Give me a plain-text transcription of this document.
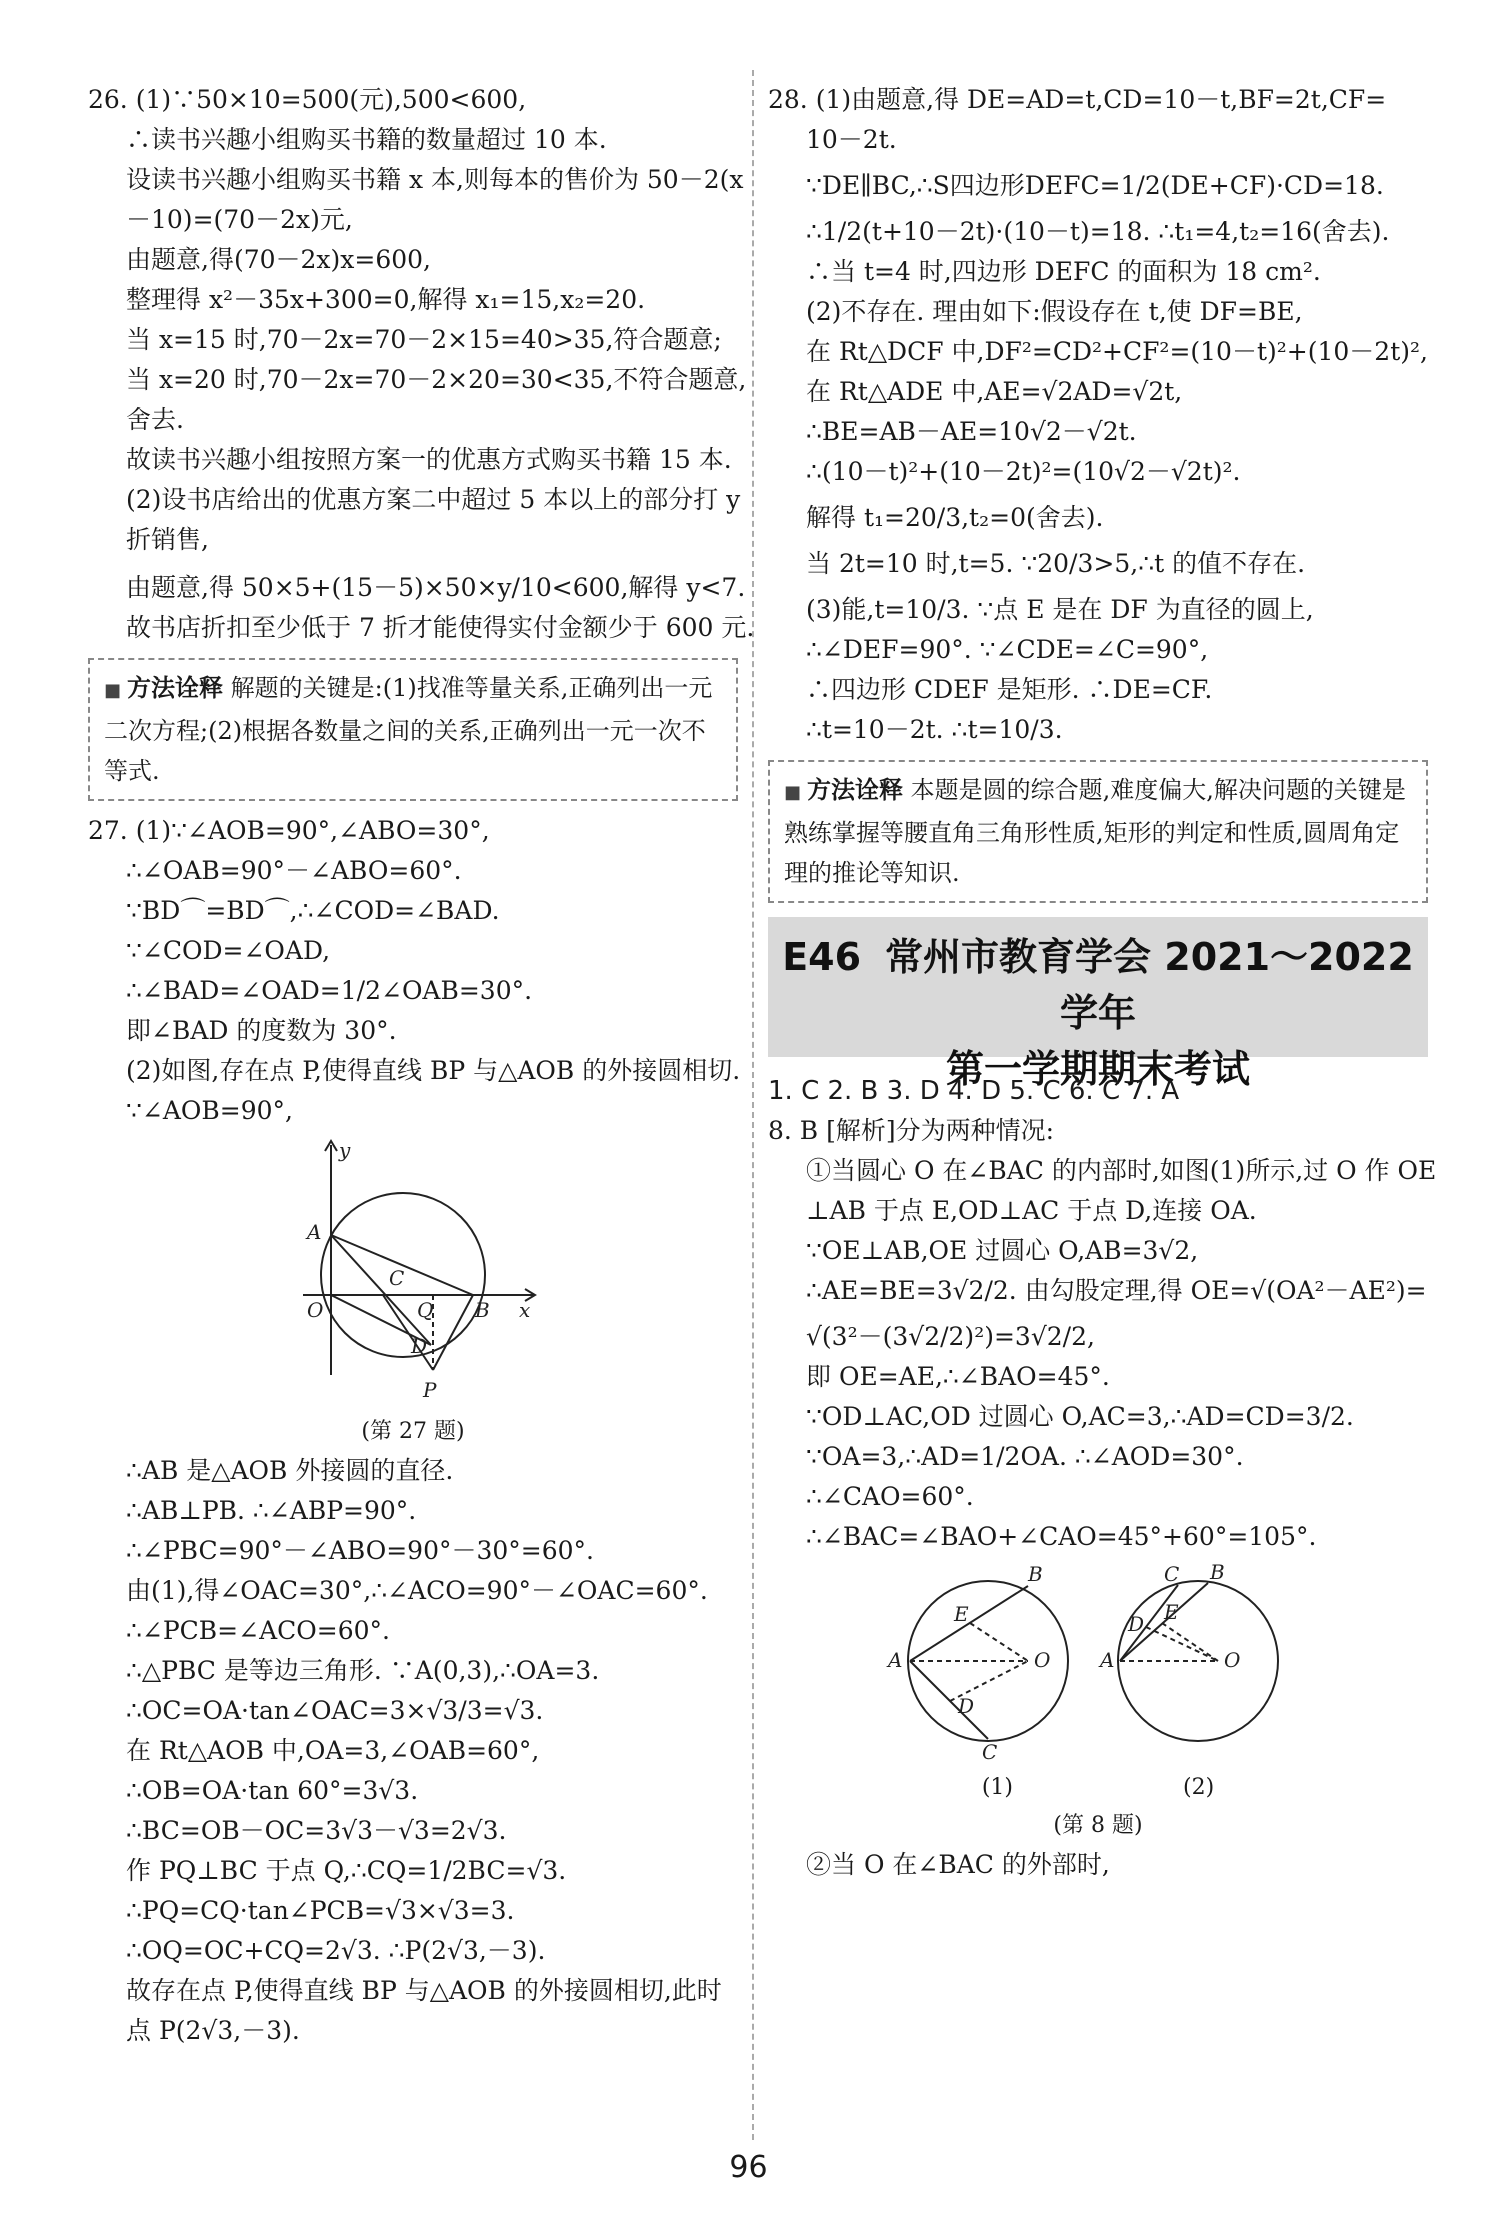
26. (1)∵50×10=500(元),500<600,
∴读书兴趣小组购买书籍的数量超过 10 本.
设读书兴趣小组购买书籍 x 本,则每本的售价为 50－2(x
－10)=(70－2x)元,
由题意,得(70－2x)x=600,
整理得 x²－35x+300=0,解得 x₁=15,x₂=20.
当 x=15 时,70－2x=70－2×15=40>35,符合题意;
当 x=20 时,70－2x=70－2×20=30<35,不符合题意,
舍去.
故读书兴趣小组按照方案一的优惠方式购买书籍 15 本.
(2)设书店给出的优惠方案二中超过 5 本以上的部分打 y
折销售,
由题意,得 50×5+(15－5)×50×y/10<600,解得 y<7.
故书店折扣至少低于 7 折才能使得实付金额少于 600 元.
■ 方法诠释 解题的关键是:(1)找准等量关系,正确列出一元二次方程;(2)根据各数量之间的关系,正确列出一元一次不等式.
27. (1)∵∠AOB=90°,∠ABO=30°,
∴∠OAB=90°－∠ABO=60°.
∵BD⌒=BD⌒,∴∠COD=∠BAD.
∵∠COD=∠OAD,
∴∠BAD=∠OAD=1/2∠OAB=30°.
即∠BAD 的度数为 30°.
(2)如图,存在点 P,使得直线 BP 与△AOB 的外接圆相切.
∵∠AOB=90°,
y
A
C
O	Q B x
D
P
(第 27 题)
∴AB 是△AOB 外接圆的直径.
∴AB⊥PB. ∴∠ABP=90°.
∴∠PBC=90°－∠ABO=90°－30°=60°.
由(1),得∠OAC=30°,∴∠ACO=90°－∠OAC=60°.
∴∠PCB=∠ACO=60°.
∴△PBC 是等边三角形. ∵A(0,3),∴OA=3.
∴OC=OA·tan∠OAC=3×√3/3=√3.
在 Rt△AOB 中,OA=3,∠OAB=60°,
∴OB=OA·tan 60°=3√3.
∴BC=OB－OC=3√3－√3=2√3.
作 PQ⊥BC 于点 Q,∴CQ=1/2BC=√3.
∴PQ=CQ·tan∠PCB=√3×√3=3.
∴OQ=OC+CQ=2√3. ∴P(2√3,－3).
故存在点 P,使得直线 BP 与△AOB 的外接圆相切,此时
点 P(2√3,－3).
28. (1)由题意,得 DE=AD=t,CD=10－t,BF=2t,CF=
10－2t.
∵DE∥BC,∴S四边形DEFC=1/2(DE+CF)·CD=18.
∴1/2(t+10－2t)·(10－t)=18. ∴t₁=4,t₂=16(舍去).
∴当 t=4 时,四边形 DEFC 的面积为 18 cm².
(2)不存在. 理由如下:假设存在 t,使 DF=BE,
在 Rt△DCF 中,DF²=CD²+CF²=(10－t)²+(10－2t)²,
在 Rt△ADE 中,AE=√2AD=√2t,
∴BE=AB－AE=10√2－√2t.
∴(10－t)²+(10－2t)²=(10√2－√2t)².
解得 t₁=20/3,t₂=0(舍去).
当 2t=10 时,t=5. ∵20/3>5,∴t 的值不存在.
(3)能,t=10/3. ∵点 E 是在 DF 为直径的圆上,
∴∠DEF=90°. ∵∠CDE=∠C=90°,
∴四边形 CDEF 是矩形. ∴DE=CF.
∴t=10－2t. ∴t=10/3.
■ 方法诠释 本题是圆的综合题,难度偏大,解决问题的关键是熟练掌握等腰直角三角形性质,矩形的判定和性质,圆周角定理的推论等知识.
E46 常州市教育学会 2021～2022 学年
第一学期期末考试
1. C 2. B 3. D 4. D 5. C 6. C 7. A
8. B [解析]分为两种情况:
①当圆心 O 在∠BAC 的内部时,如图(1)所示,过 O 作 OE
⊥AB 于点 E,OD⊥AC 于点 D,连接 OA.
∵OE⊥AB,OE 过圆心 O,AB=3√2,
∴AE=BE=3√2/2. 由勾股定理,得 OE=√(OA²－AE²)=
√(3²－(3√2/2)²)=3√2/2,
即 OE=AE,∴∠BAO=45°.
∵OD⊥AC,OD 过圆心 O,AC=3,∴AD=CD=3/2.
∵OA=3,∴AD=1/2OA. ∴∠AOD=30°.
∴∠CAO=60°.
∴∠BAC=∠BAO+∠CAO=45°+60°=105°.
B
E
A	O
D
C
C B
D E
A	O
(1)	(2)
(第 8 题)
②当 O 在∠BAC 的外部时,
96
